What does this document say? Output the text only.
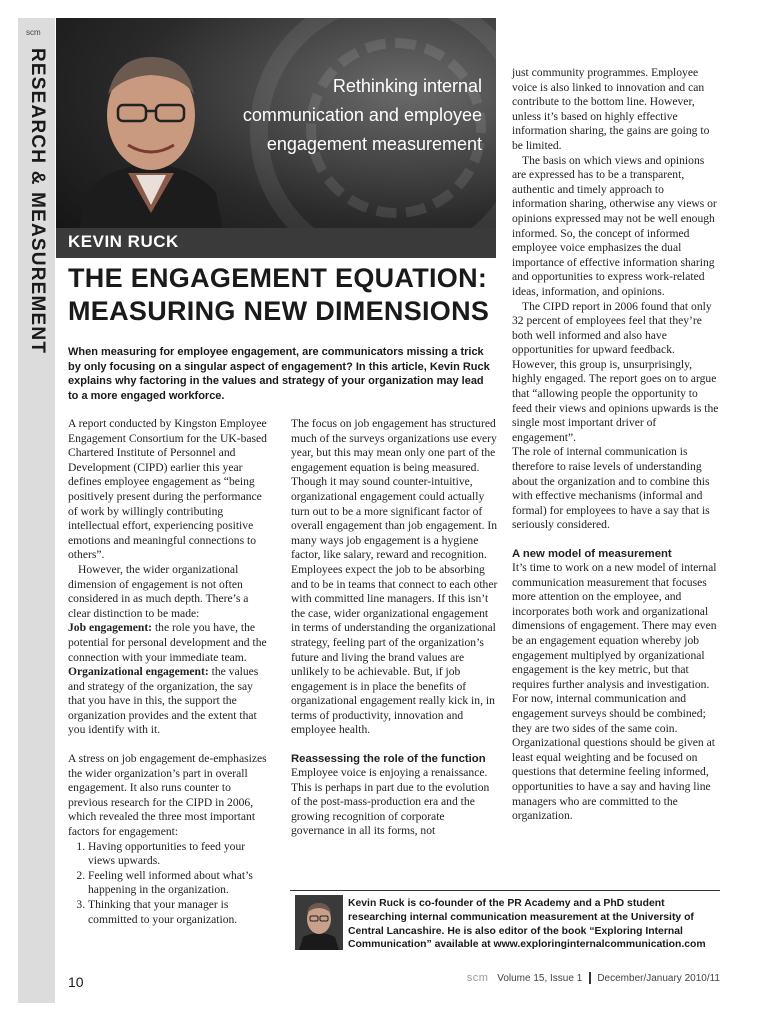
scm
RESEARCH & MEASUREMENT	Rethinking internal communication and employee engagement measurement
KEVIN RUCK
THE ENGAGEMENT EQUATION:
MEASURING NEW DIMENSIONS
When measuring for employee engagement, are communicators missing a trick by only focusing on a singular aspect of engagement? In this article, Kevin Ruck explains why factoring in the values and strategy of your organization may lead to a more engaged workforce.

A report conducted by Kingston Employee Engagement Consortium for the UK-based Chartered Institute of Personnel and Development (CIPD) earlier this year defines employee engagement as “being positively present during the performance of work by willingly contributing intellectual effort, experiencing positive emotions and meaningful connections to others”.

However, the wider organizational dimension of engagement is not often considered in as much depth. There’s a clear distinction to be made:

Job engagement: the role you have, the potential for personal development and the connection with your immediate team.

Organizational engagement: the values and strategy of the organization, the say that you have in this, the support the organization provides and the extent that you identify with it.

A stress on job engagement de-emphasizes the wider organization’s part in overall engagement. It also runs counter to previous research for the CIPD in 2006, which revealed the three most important factors for engagement:

1. Having opportunities to feed your views upwards.
2. Feeling well informed about what’s happening in the organization.
3. Thinking that your manager is committed to your organization.

The focus on job engagement has structured much of the surveys organizations use every year, but this may mean only one part of the engagement equation is being measured.

Though it may sound counter-intuitive, organizational engagement could actually turn out to be a more significant factor of overall engagement than job engagement. In many ways job engagement is a hygiene factor, like salary, reward and recognition. Employees expect the job to be absorbing and to be in teams that connect to each other with committed line managers. If this isn’t the case, wider organizational engagement in terms of understanding the organizational strategy, feeling part of the organization’s future and living the brand values are unlikely to be achievable. But, if job engagement is in place the benefits of organizational engagement really kick in, in terms of productivity, innovation and employee health.

Reassessing the role of the function

Employee voice is enjoying a renaissance. This is perhaps in part due to the evolution of the post-mass-production era and the growing recognition of corporate governance in all its forms, not

just community programmes. Employee voice is also linked to innovation and can contribute to the bottom line. However, unless it’s based on highly effective information sharing, the gains are going to be limited.

The basis on which views and opinions are expressed has to be a transparent, authentic and timely approach to information sharing, otherwise any views or opinions expressed may not be well enough informed. So, the concept of informed employee voice emphasizes the dual importance of effective information sharing and opportunities to express work-related ideas, information, and opinions.

The CIPD report in 2006 found that only 32 percent of employees feel that they’re both well informed and also have opportunities for upward feedback. However, this group is, unsurprisingly, highly engaged. The report goes on to argue that “allowing people the opportunity to feed their views and opinions upwards is the single most important driver of engagement”.

The role of internal communication is therefore to raise levels of understanding about the organization and to combine this with effective mechanisms (informal and formal) for employees to have a say that is seriously considered.

A new model of measurement

It’s time to work on a new model of internal communication measurement that focuses more attention on the employee, and incorporates both work and organizational dimensions of engagement. There may even be an engagement equation whereby job engagement multiplyed by organizational engagement is the key metric, but that requires further analysis and investigation. For now, internal communication and engagement surveys should be combined; they are two sides of the same coin. Organizational questions should be given at least equal weighting and be focused on questions that determine feeling informed, opportunities to have a say and having line managers who are committed to the organization.

Kevin Ruck is co-founder of the PR Academy and a PhD student researching internal communication measurement at the University of Central Lancashire. He is also editor of the book “Exploring Internal Communication” available at www.exploringinternalcommunication.com
10	scm Volume 15, Issue 1 December/January 2010/11
